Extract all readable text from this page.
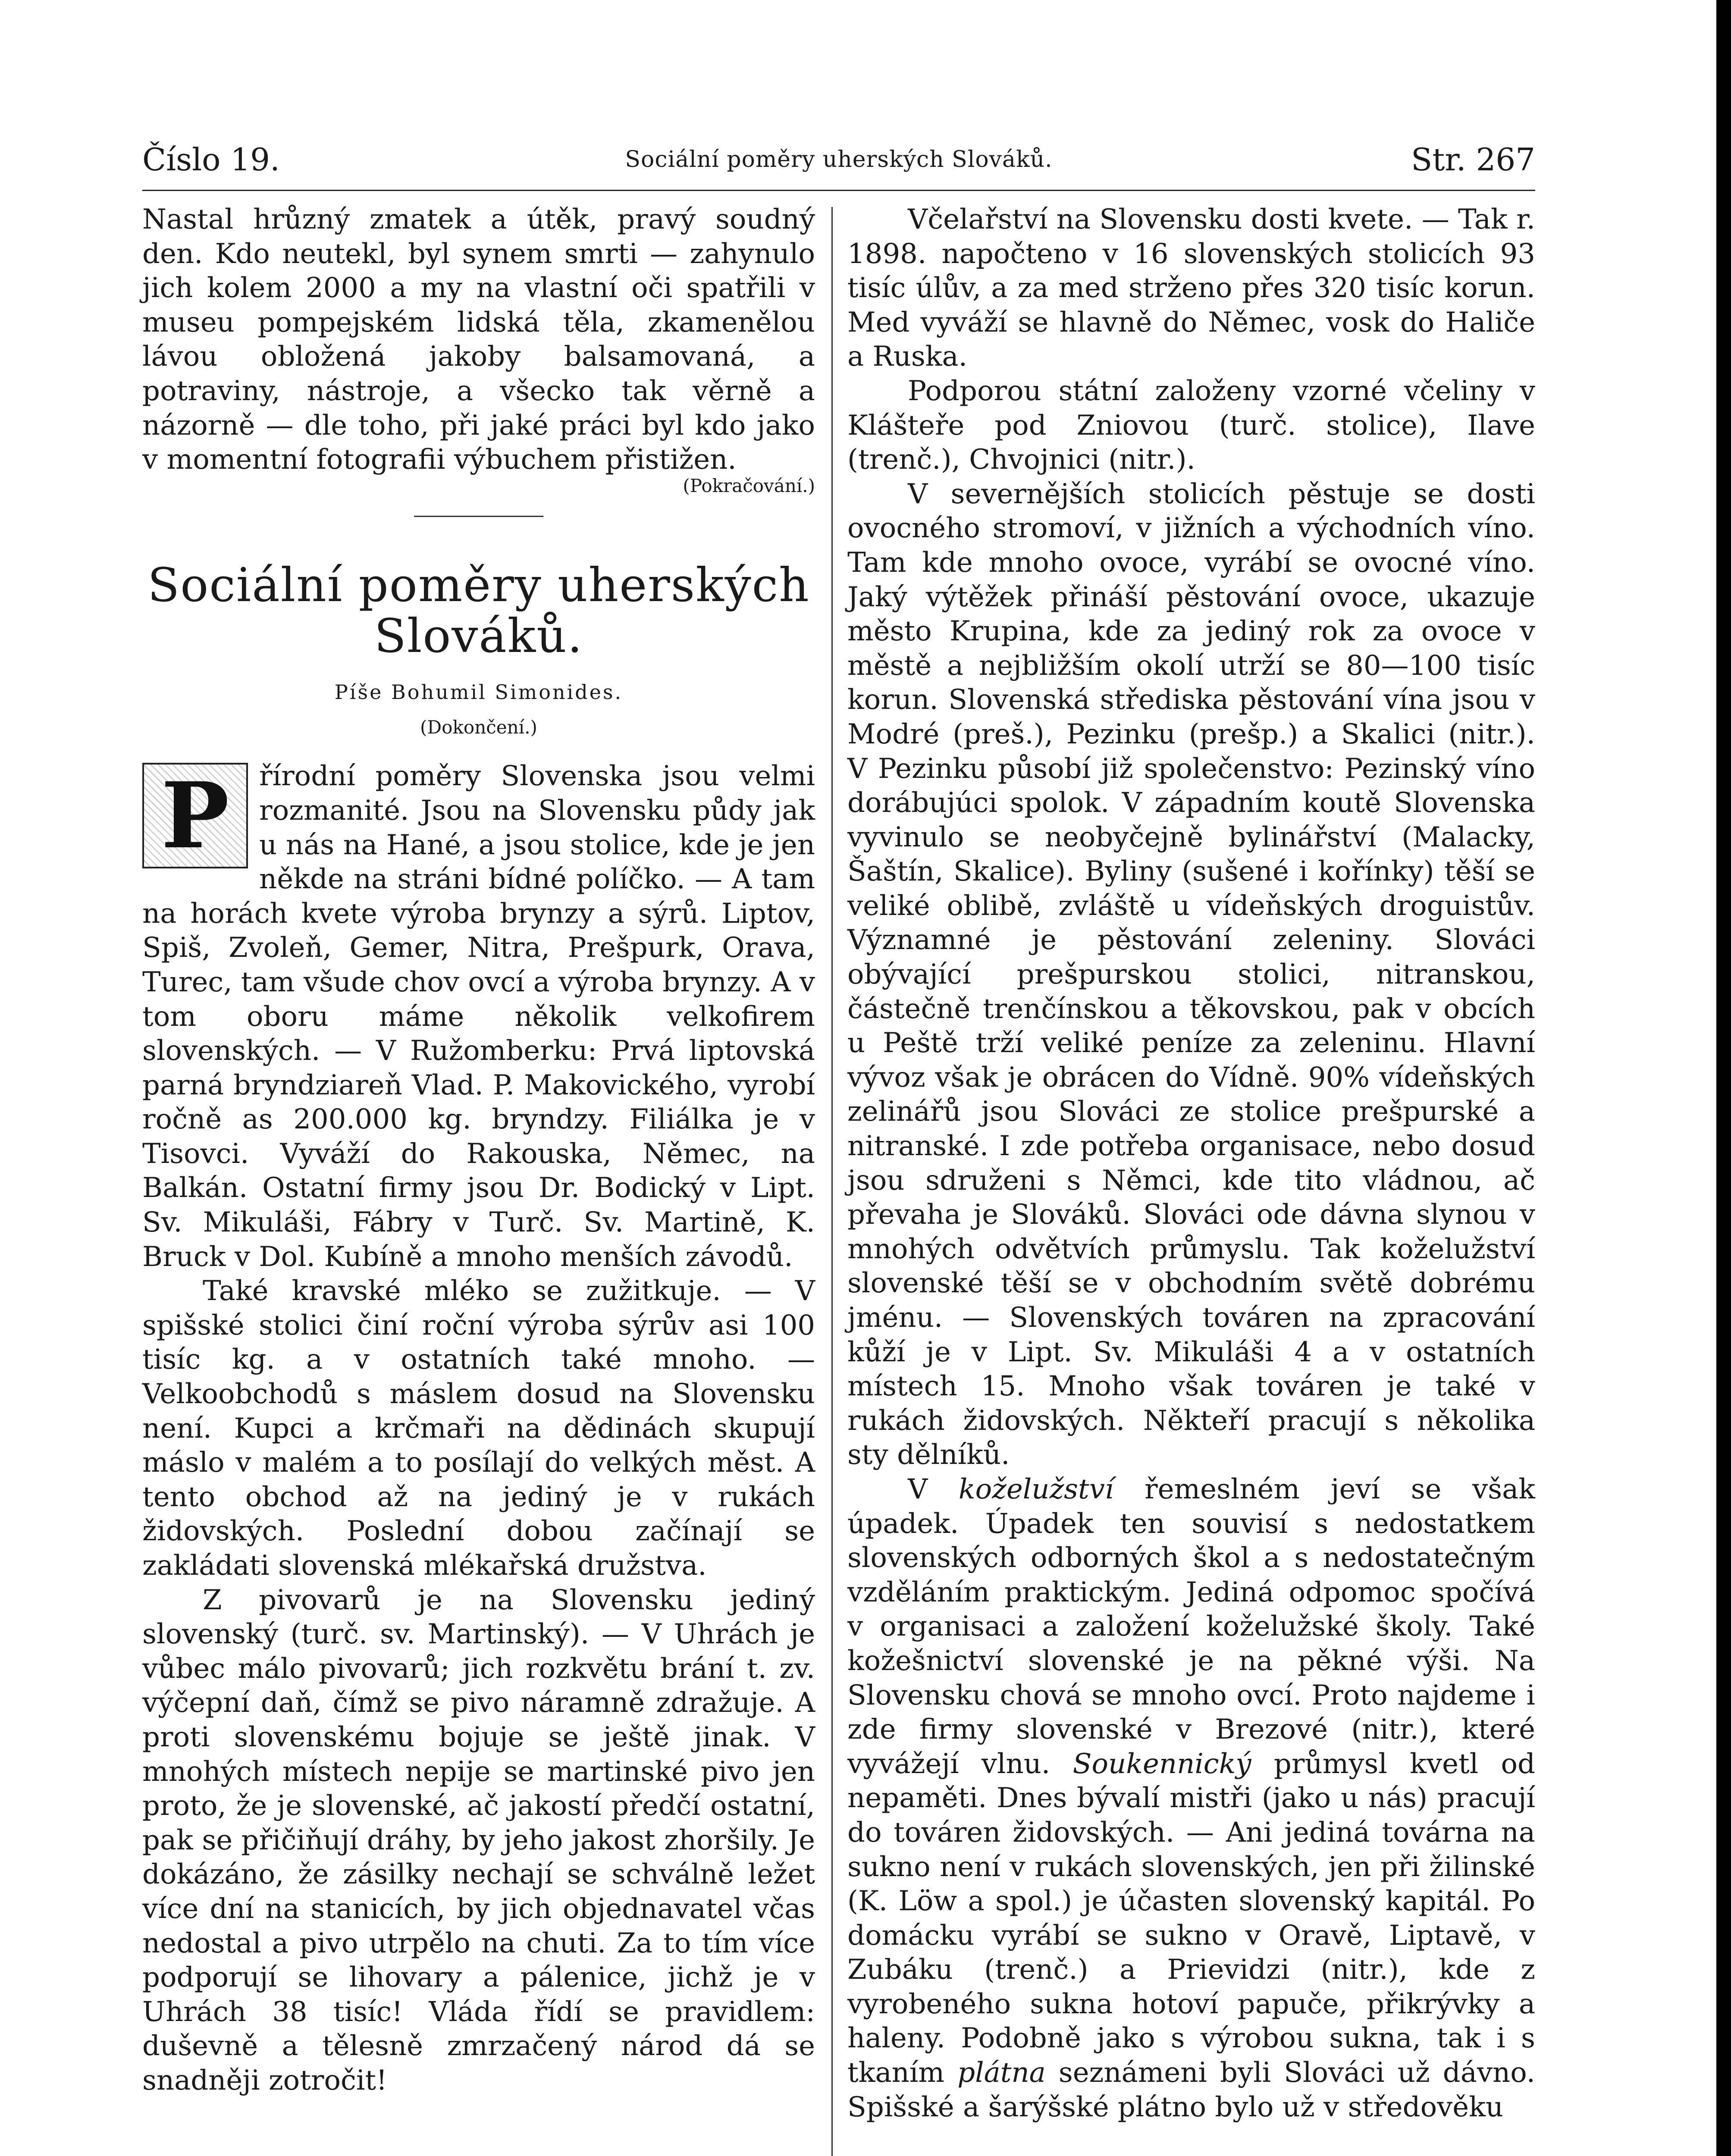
Číslo 19.	Sociální poměry uherských Slováků.	Str. 267

Nastal hrůzný zmatek a útěk, pravý soudný den. Kdo neutekl, byl synem smrti — zahynulo jich kolem 2000 a my na vlastní oči spatřili v museu pompejském lidská těla, zkamenělou lávou obložená jakoby balsamovaná, a potraviny, nástroje, a všecko tak věrně a názorně — dle toho, při jaké práci byl kdo jako v momentní fotografii výbuchem přistižen.

(Pokračování.)

Sociální poměry uherských Slováků.
Píše Bohumil Simonides.
(Dokončení.)

P	řírodní poměry Slovenska jsou velmi rozmanité. Jsou na Slovensku půdy jak u nás na Hané, a jsou stolice, kde je jen někde na stráni bídné políčko. — A tam na horách kvete výroba brynzy a sýrů. Liptov, Spiš, Zvoleň, Gemer, Nitra, Prešpurk, Orava, Turec, tam všude chov ovcí a výroba brynzy. A v tom oboru máme několik velkofirem slovenských. — V Ružomberku: Prvá liptovská parná bryndziareň Vlad. P. Makovického, vyrobí ročně as 200.000 kg. bryndzy. Filiálka je v Tisovci. Vyváží do Rakouska, Němec, na Balkán. Ostatní firmy jsou Dr. Bodický v Lipt. Sv. Mikuláši, Fábry v Turč. Sv. Martině, K. Bruck v Dol. Kubíně a mnoho menších závodů.

Také kravské mléko se zužitkuje. — V spišské stolici činí roční výroba sýrův asi 100 tisíc kg. a v ostatních také mnoho. — Velkoobchodů s máslem dosud na Slovensku není. Kupci a krčmaři na dědinách skupují máslo v malém a to posílají do velkých měst. A tento obchod až na jediný je v rukách židovských. Poslední dobou začínají se zakládati slovenská mlékařská družstva.

Z pivovarů je na Slovensku jediný slovenský (turč. sv. Martinský). — V Uhrách je vůbec málo pivovarů; jich rozkvětu brání t. zv. výčepní daň, čímž se pivo náramně zdražuje. A proti slovenskému bojuje se ještě jinak. V mnohých místech nepije se martinské pivo jen proto, že je slovenské, ač jakostí předčí ostatní, pak se přičiňují dráhy, by jeho jakost zhoršily. Je dokázáno, že zásilky nechají se schválně ležet více dní na stanicích, by jich objednavatel včas nedostal a pivo utrpělo na chuti. Za to tím více podporují se lihovary a pálenice, jichž je v Uhrách 38 tisíc! Vláda řídí se pravidlem: duševně a tělesně zmrzačený národ dá se snadněji zotročit!

Včelařství na Slovensku dosti kvete. — Tak r. 1898. napočteno v 16 slovenských stolicích 93 tisíc úlův, a za med strženo přes 320 tisíc korun. Med vyváží se hlavně do Němec, vosk do Haliče a Ruska.

Podporou státní založeny vzorné včeliny v Klášteře pod Zniovou (turč. stolice), Ilave (trenč.), Chvojnici (nitr.).

V severnějších stolicích pěstuje se dosti ovocného stromoví, v jižních a východních víno. Tam kde mnoho ovoce, vyrábí se ovocné víno. Jaký výtěžek přináší pěstování ovoce, ukazuje město Krupina, kde za jediný rok za ovoce v městě a nejbližším okolí utrží se 80—100 tisíc korun. Slovenská střediska pěstování vína jsou v Modré (preš.), Pezinku (prešp.) a Skalici (nitr.). V Pezinku působí již společenstvo: Pezinský víno dorábujúci spolok. V západním koutě Slovenska vyvinulo se neobyčejně bylinářství (Malacky, Šaštín, Skalice). Byliny (sušené i kořínky) těší se veliké oblibě, zvláště u vídeňských droguistův. Významné je pěstování zeleniny. Slováci obývající prešpurskou stolici, nitranskou, částečně trenčínskou a těkovskou, pak v obcích u Peště trží veliké peníze za zeleninu. Hlavní vývoz však je obrácen do Vídně. 90% vídeňských zelinářů jsou Slováci ze stolice prešpurské a nitranské. I zde potřeba organisace, nebo dosud jsou sdruženi s Němci, kde tito vládnou, ač převaha je Slováků. Slováci ode dávna slynou v mnohých odvětvích průmyslu. Tak koželužství slovenské těší se v obchodním světě dobrému jménu. — Slovenských továren na zpracování kůží je v Lipt. Sv. Mikuláši 4 a v ostatních místech 15. Mnoho však továren je také v rukách židovských. Někteří pracují s několika sty dělníků.

V koželužství řemeslném jeví se však úpadek. Úpadek ten souvisí s nedostatkem slovenských odborných škol a s nedostatečným vzděláním praktickým. Jediná odpomoc spočívá v organisaci a založení koželužské školy. Také kožešnictví slovenské je na pěkné výši. Na Slovensku chová se mnoho ovcí. Proto najdeme i zde firmy slovenské v Brezové (nitr.), které vyvážejí vlnu. Soukennický průmysl kvetl od nepaměti. Dnes bývalí mistři (jako u nás) pracují do továren židovských. — Ani jediná továrna na sukno není v rukách slovenských, jen při žilinské (K. Löw a spol.) je účasten slovenský kapitál. Po domácku vyrábí se sukno v Oravě, Liptavě, v Zubáku (trenč.) a Prievidzi (nitr.), kde z vyrobeného sukna hotoví papuče, přikrývky a haleny. Podobně jako s výrobou sukna, tak i s tkaním plátna seznámeni byli Slováci už dávno. Spišské a šarýšské plátno bylo už v středověku
